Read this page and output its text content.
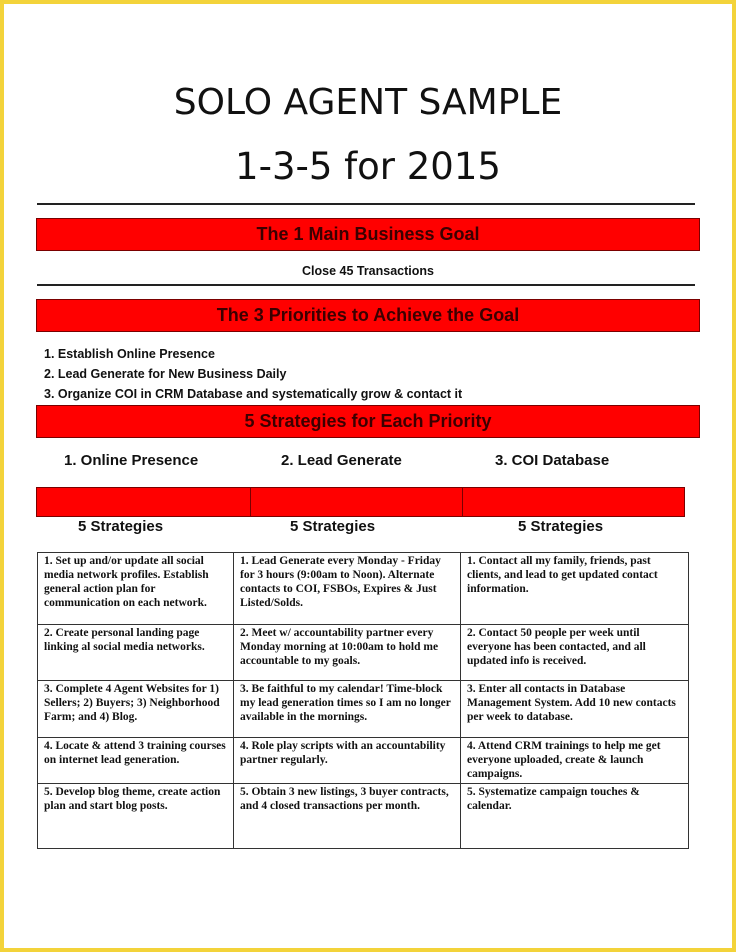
SOLO AGENT SAMPLE
1-3-5 for 2015
The 1 Main Business Goal
Close 45 Transactions
The 3 Priorities to Achieve the Goal
1. Establish Online Presence
2. Lead Generate for New Business Daily
3. Organize COI in CRM Database and systematically grow & contact it
5 Strategies for Each Priority
1. Online Presence	2. Lead Generate	3. COI Database
5 Strategies	5 Strategies	5 Strategies
1. Set up and/or update all social media network profiles. Establish general action plan for communication on each network.	1. Lead Generate every Monday - Friday for 3 hours (9:00am to Noon). Alternate contacts to COI, FSBOs, Expires & Just Listed/Solds.	1. Contact all my family, friends, past clients, and lead to get updated contact information.
2. Create personal landing page linking al social media networks.	2. Meet w/ accountability partner every Monday morning at 10:00am to hold me accountable to my goals.	2. Contact 50 people per week until everyone has been contacted, and all updated info is received.
3. Complete 4 Agent Websites for 1) Sellers; 2) Buyers; 3) Neighborhood Farm; and 4) Blog.	3. Be faithful to my calendar! Time-block my lead generation times so I am no longer available in the mornings.	3. Enter all contacts in Database Management System. Add 10 new contacts per week to database.
4. Locate & attend 3 training courses on internet lead generation.	4. Role play scripts with an accountability partner regularly.	4. Attend CRM trainings to help me get everyone uploaded, create & launch campaigns.
5. Develop blog theme, create action plan and start blog posts.	5. Obtain 3 new listings, 3 buyer contracts, and 4 closed transactions per month.	5. Systematize campaign touches & calendar.
